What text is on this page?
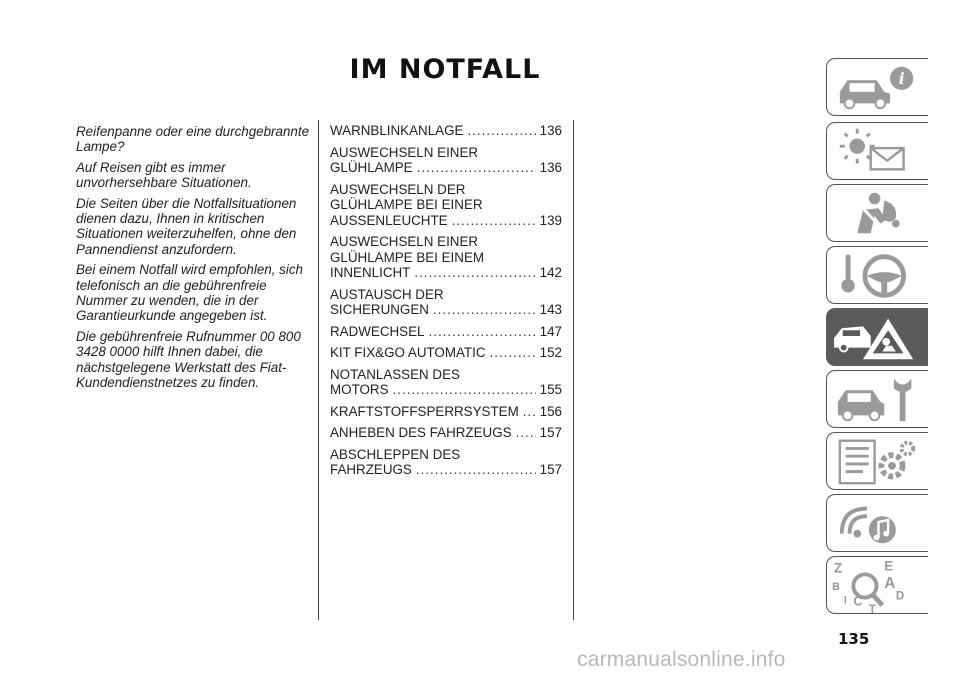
IM NOTFALL

Reifenpanne oder eine durchgebrannte Lampe?

Auf Reisen gibt es immer unvorhersehbare Situationen.

Die Seiten über die Notfallsituationen dienen dazu, Ihnen in kritischen Situationen weiterzuhelfen, ohne den Pannendienst anzufordern.

Bei einem Notfall wird empfohlen, sich telefonisch an die gebührenfreie Nummer zu wenden, die in der Garantieurkunde angegeben ist.

Die gebührenfreie Rufnummer 00 800 3428 0000 hilft Ihnen dabei, die nächstgelegene Werkstatt des Fiat-Kundendienstnetzes zu finden.

WARNBLINKANLAGE .....	136
AUSWECHSELN EINER
GLÜHLAMPE .....	136
AUSWECHSELN DER
GLÜHLAMPE BEI EINER
AUSSENLEUCHTE .....	139
AUSWECHSELN EINER
GLÜHLAMPE BEI EINEM
INNENLICHT .....	142
AUSTAUSCH DER
SICHERUNGEN .....	143
RADWECHSEL .....	147
KIT FIX&GO AUTOMATIC .....	152
NOTANLASSEN DES
MOTORS .....	155
KRAFTSTOFFSPERRSYSTEM ..... 156
ANHEBEN DES FAHRZEUGS ..... 157
ABSCHLEPPEN DES
FAHRZEUGS .....	157
i
Z	E
B	A
I C	D
T
135
carmanualsonline.info
